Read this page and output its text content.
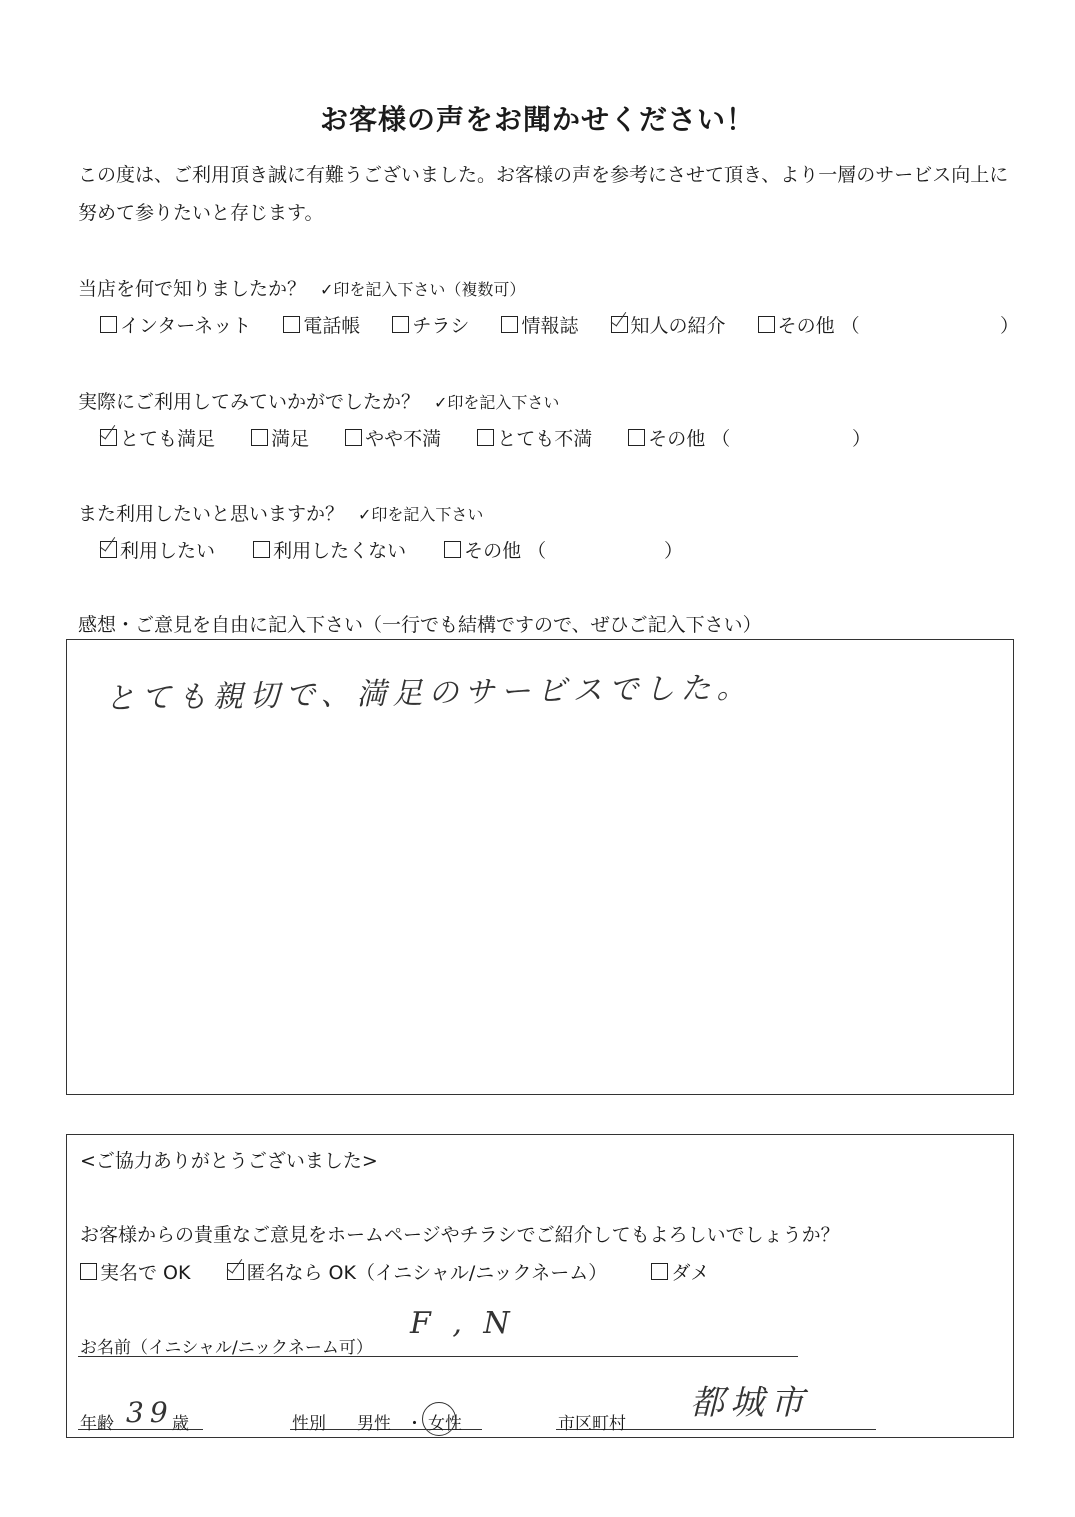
お客様の声をお聞かせください！
この度は、ご利用頂き誠に有難うございました。お客様の声を参考にさせて頂き、より一層のサービス向上に努めて参りたいと存じます。
当店を何で知りましたか？ ✓印を記入下さい（複数可）
インターネット	電話帳	チラシ	情報誌	知人の紹介	その他 （	）
実際にご利用してみていかがでしたか？ ✓印を記入下さい
とても満足	満足	やや不満	とても不満	その他 （	）
また利用したいと思いますか？ ✓印を記入下さい
利用したい	利用したくない	その他 （	）
感想・ご意見を自由に記入下さい（一行でも結構ですので、ぜひご記入下さい）
とても親切で、満足のサービスでした。
<ご協力ありがとうございました>
お客様からの貴重なご意見をホームページやチラシでご紹介してもよろしいでしょうか？
実名で OK	匿名なら OK（イニシャル/ニックネーム）	ダメ
お名前（イニシャル/ニックネーム可）
F , N
年齢 39
歳	性別 男性 ・ 女性	市区町村
都城市
